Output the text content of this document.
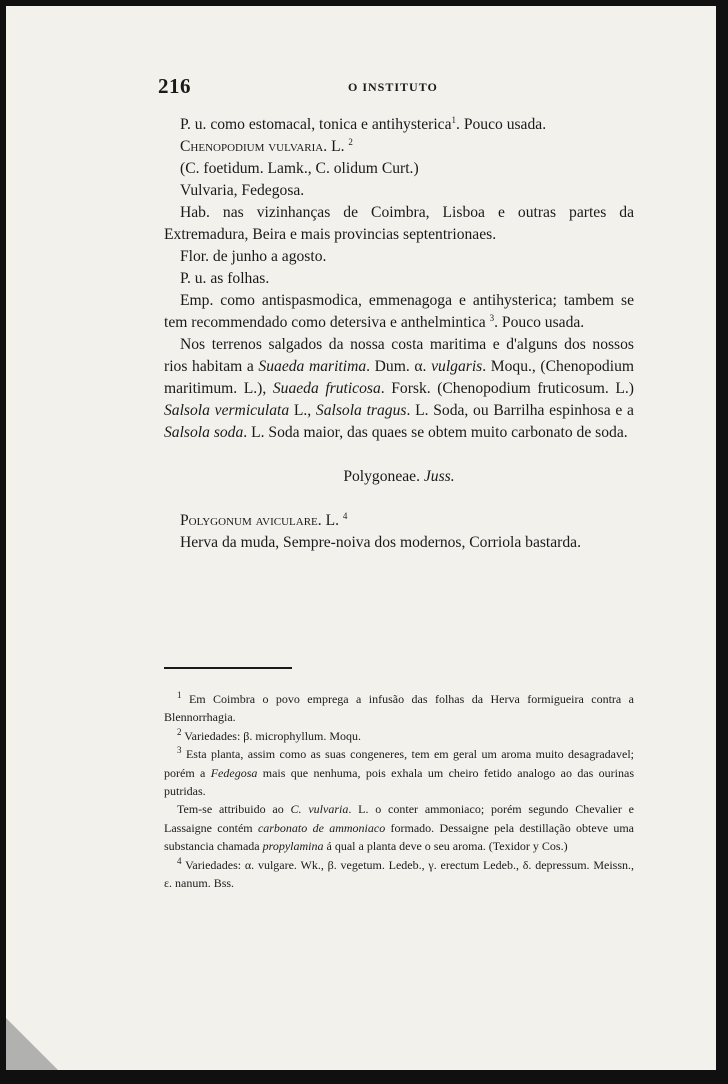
216	O INSTITUTO

P. u. como estomacal, tonica e antihysterica$^1$. Pouco usada.

Chenopodium vulvaria. L. $^2$

(C. foetidum. Lamk., C. olidum Curt.)

Vulvaria, Fedegosa.

Hab. nas vizinhanças de Coimbra, Lisboa e outras partes da Extremadura, Beira e mais provincias septentrionaes.

Flor. de junho a agosto.

P. u. as folhas.

Emp. como antispasmodica, emmenagoga e antihysterica; tambem se tem recommendado como detersiva e anthelmintica $^3$. Pouco usada.

Nos terrenos salgados da nossa costa maritima e d'alguns dos nossos rios habitam a Suaeda maritima. Dum. α. vulgaris. Moqu., (Chenopodium maritimum. L.), Suaeda fruticosa. Forsk. (Chenopodium fruticosum. L.) Salsola vermiculata L., Salsola tragus. L. Soda, ou Barrilha espinhosa e a Salsola soda. L. Soda maior, das quaes se obtem muito carbonato de soda.

Polygoneae. Juss.

Polygonum aviculare. L. $^4$

Herva da muda, Sempre-noiva dos modernos, Corriola bastarda.

$^1$ Em Coimbra o povo emprega a infusão das folhas da Herva formigueira contra a Blennorrhagia.

$^2$ Variedades: β. microphyllum. Moqu.

$^3$ Esta planta, assim como as suas congeneres, tem em geral um aroma muito desagradavel; porém a Fedegosa mais que nenhuma, pois exhala um cheiro fetido analogo ao das ourinas putridas.

Tem-se attribuido ao C. vulvaria. L. o conter ammoniaco; porém segundo Chevalier e Lassaigne contém carbonato de ammoniaco formado. Dessaigne pela destillação obteve uma substancia chamada propylamina á qual a planta deve o seu aroma. (Texidor y Cos.)

$^4$ Variedades: α. vulgare. Wk., β. vegetum. Ledeb., γ. erectum Ledeb., δ. depressum. Meissn., ε. nanum. Bss.
